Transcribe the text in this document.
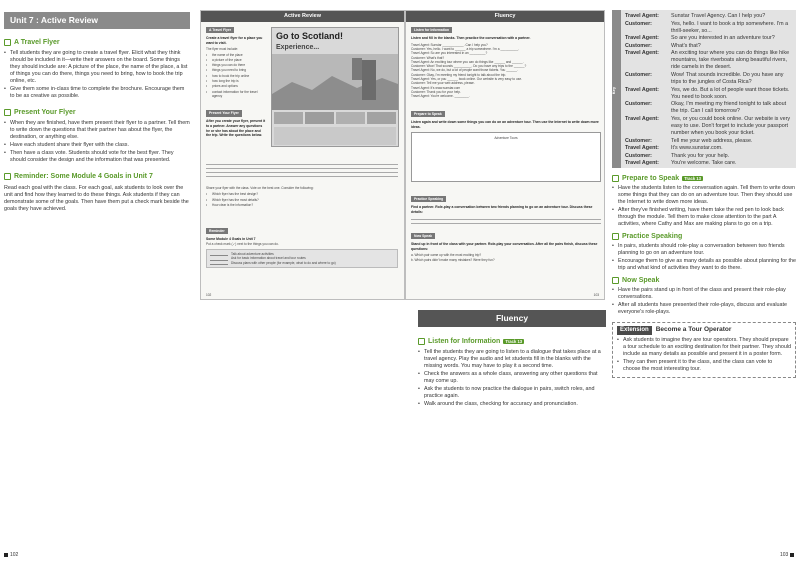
Unit 7 : Active Review
A Travel Flyer
• Tell students they are going to create a travel flyer. Elicit what they think should be included in it—write their answers on the board. Some things they should include are: A picture of the place, the name of the place, a list of things you can do there, things you need to bring, how to book the trip online, etc.
• Give them some in-class time to complete the brochure. Encourage them to be as creative as possible.
Present Your Flyer
• When they are finished, have them present their flyer to a partner. Tell them to write down the questions that their partner has about the flyer, the destination, or anything else.
• Have each student share their flyer with the class.
• Then have a class vote. Students should vote for the best flyer. They should consider the design and the information that was presented.
Reminder: Some Module 4 Goals in Unit 7

Read each goal with the class. For each goal, ask students to look over the unit and find how they learned to do these things. Ask students if they can demonstrate some of the goals. Then have them put a check mark beside the goals they have achieved.

102
Active Review
A Travel Flyer
Create a travel flyer for a place you want to visit.
The flyer must include:
• the name of the place
• a picture of the place
• things you can do there
• things you need to bring
• how to book the trip online
• how long the trip is
• prices and options
• contact information for the travel agency
Present Your Flyer
After you create your flyer, present it to a partner. Answer any questions he or she has about the place and the trip. Write the questions below.
Go to Scotland!
Experience...
Share your flyer with the class. Vote on the best one. Consider the following:
• Which flyer has the best design?
• Which flyer has the most details?
• How clear is the information?
Reminder
Some Module 4 Goals in Unit 7
Put a check mark (✓) next to the things you can do.
Talk about adventure activities
Ask for basic information about travel and tour routes
Discuss plans with other people (for example, what to do and where to go)
102
Fluency
Listen for Information
Listen and fill in the blanks. Then practice the conversation with a partner.
Travel Agent: Sunstar ____________. Can I help you?
Customer: Yes, hello. I want to ______ a trip somewhere. I'm a __________.
Travel Agent: So are you interested in an _________?
Customer: What's that?
Travel Agent: An exciting tour where you can do things like ______ and ______.
Customer: Wow! That sounds __________. Do you have any trips to the ______?
Travel Agent: No, we do, but a lot of people want those tickets. You ______.
Customer: Okay, I'm meeting my friend tonight to talk about the trip.
Travel Agent: Yes, or you ______ book online. Our website is very easy to use.
Customer: Tell me your web address, please.
Travel Agent: It's www.sunstar.com
Customer: Thank you for your help.
Travel Agent: You're welcome. ________.
Prepare to Speak
Listen again and write down some things you can do on an adventure tour. Then use the Internet to write down more ideas.
Adventure Tours
Practice Speaking
Find a partner. Role-play a conversation between two friends planning to go on an adventure tour. Discuss these details:
Now Speak
Stand up in front of the class with your partner. Role-play your conversation. After all the pairs finish, discuss these questions:
a. Which pair came up with the most exciting trip?
b. Which pairs didn't make many mistakes? Were they fun?
103
Fluency
Listen for Information	Track 13
• Tell the students they are going to listen to a dialogue that takes place at a travel agency. Play the audio and let students fill in the blanks with the missing words. You may have to play it a second time.
• Check the answers as a whole class, answering any other questions that may come up.
• Ask the students to now practice the dialogue in pairs, switch roles, and practice again.
• Walk around the class, checking for accuracy and pronunciation.
Key
Travel Agent:	Sunstar Travel Agency. Can I help you?
Customer:	Yes, hello. I want to book a trip somewhere. I'm a thrill-seeker, so...
Travel Agent:	So are you interested in an adventure tour?
Customer:	What's that?
Travel Agent:	An exciting tour where you can do things like hike mountains, take riverboats along beautiful rivers, ride camels in the desert.
Customer:	Wow! That sounds incredible. Do you have any trips to the jungles of Costa Rica?
Travel Agent:	Yes, we do. But a lot of people want those tickets. You need to book soon.
Customer:	Okay, I'm meeting my friend tonight to talk about the trip. Can I call tomorrow?
Travel Agent:	Yes, or you could book online. Our website is very easy to use. Don't forget to include your passport number when you book your ticket.
Customer:	Tell me your web address, please.
Travel Agent:	It's www.sunstar.com.
Customer:	Thank you for your help.
Travel Agent:	You're welcome. Take care.
Prepare to Speak	Track 13
• Have the students listen to the conversation again. Tell them to write down some things that they can do on an adventure tour. Then they should use the Internet to write down more ideas.
• After they've finished writing, have them take the red pen to look back through the module. Tell them to make close attention to the part A activities, where Cathy and Max are making plans to go on a trip.
Practice Speaking
• In pairs, students should role-play a conversation between two friends planning to go on an adventure tour.
• Encourage them to give as many details as possible about planning for the trip and what kind of activities they want to do there.
Now Speak
• Have the pairs stand up in front of the class and present their role-play conversations.
• After all students have presented their role-plays, discuss and evaluate everyone's role-plays.
Extension	Become a Tour Operator
• Ask students to imagine they are tour operators. They should prepare a tour schedule to an exciting destination for their partner. They should include as many details as possible and present it in a poster form.
• They can then present it to the class, and the class can vote to choose the most interesting tour.
103
